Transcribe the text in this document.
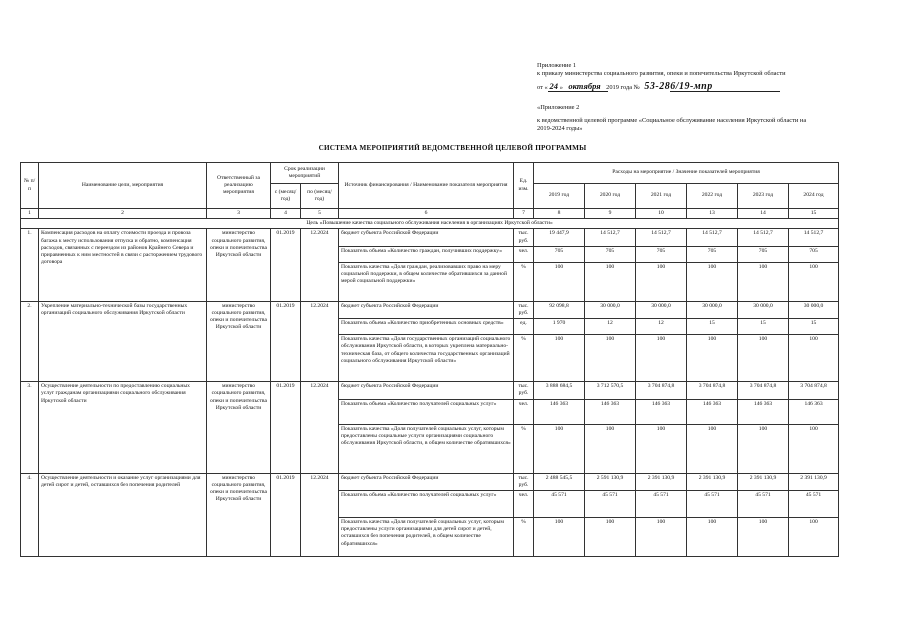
Приложение 1
к приказу министерства социального развития, опеки и попечительства Иркутской области
от « 24 » октября 2019 года № 53-286/19-мпр
«Приложение 2
к ведомственной целевой программе «Социальное обслуживание населения Иркутской области на
2019-2024 годы»
СИСТЕМА МЕРОПРИЯТИЙ ВЕДОМСТВЕННОЙ ЦЕЛЕВОЙ ПРОГРАММЫ
№ п/п	Наименование цели, мероприятия	Ответственный за реализацию мероприятия	Срок реализации мероприятий		Источник финансирования / Наименование показателя мероприятия	Ед. изм.	Расходы на мероприятие / Значение показателей мероприятия					
			с (месяц/ год)	по (месяц/ год)			2019 год	2020 год	2021 год	2022 год	2023 год	2024 год
1	2	3	4	5	6	7	8	9	10	13	14	15
Цель «Повышение качества социального обслуживания населения в организациях Иркутской области»												
1.	Компенсация расходов на оплату стоимости проезда и провоза багажа к месту использования отпуска и обратно, компенсация расходов, связанных с переездом из районов Крайнего Севера и приравненных к ним местностей в связи с расторжением трудового договора	министерство социального развития, опеки и попечительства Иркутской области	01.2019	12.2024	бюджет субъекта Российской Федерации	тыс. руб.	19 447,9	14 512,7	14 512,7	14 512,7	14 512,7	14 512,7
					Показатель объема «Количество граждан, получивших поддержку»	чел.	705	705	705	705	705	705
					Показатель качества «Доля граждан, реализовавших право на меру социальной поддержки, в общем количестве обратившихся за данной мерой социальной поддержки»	%	100	100	100	100	100	100
2.	Укрепление материально-технической базы государственных организаций социального обслуживания Иркутской области	министерство социального развития, опеки и попечительства Иркутской области	01.2019	12.2024	бюджет субъекта Российской Федерации	тыс. руб.	92 098,8	30 000,0	30 000,0	30 000,0	30 000,0	30 000,0
					Показатель объема «Количество приобретенных основных средств»	ед.	1 970	12	12	15	15	15
					Показатель качества «Доля государственных организаций социального обслуживания Иркутской области, в которых укреплена материально-техническая база, от общего количества государственных организаций социального обслуживания Иркутской области»	%	100	100	100	100	100	100
3.	Осуществление деятельности по предоставлению социальных услуг гражданам организациями социального обслуживания Иркутской области	министерство социального развития, опеки и попечительства Иркутской области	01.2019	12.2024	бюджет субъекта Российской Федерации	тыс. руб.	3 888 684,5	3 712 570,5	3 704 874,8	3 704 874,8	3 704 874,8	3 704 874,8
					Показатель объема «Количество получателей социальных услуг»	чел.	146 363	146 363	146 363	146 363	146 363	146 363
					Показатель качества «Доля получателей социальных услуг, которым предоставлены социальные услуги организациями социального обслуживания Иркутской области, в общем количестве обратившихся»	%	100	100	100	100	100	100
4.	Осуществление деятельности и оказание услуг организациями для детей сирот и детей, оставшихся без попечения родителей	министерство социального развития, опеки и попечительства Иркутской области	01.2019	12.2024	бюджет субъекта Российской Федерации	тыс. руб.	2 488 545,5	2 591 130,9	2 391 130,9	2 391 130,9	2 391 130,9	2 391 130,9
					Показатель объема «Количество получателей социальных услуг»	чел.	45 571	45 571	45 571	45 571	45 571	45 571
					Показатель качества «Доля получателей социальных услуг, которым предоставлены услуги организациями для детей сирот и детей, оставшихся без попечения родителей, в общем количестве обратившихся»	%	100	100	100	100	100	100
